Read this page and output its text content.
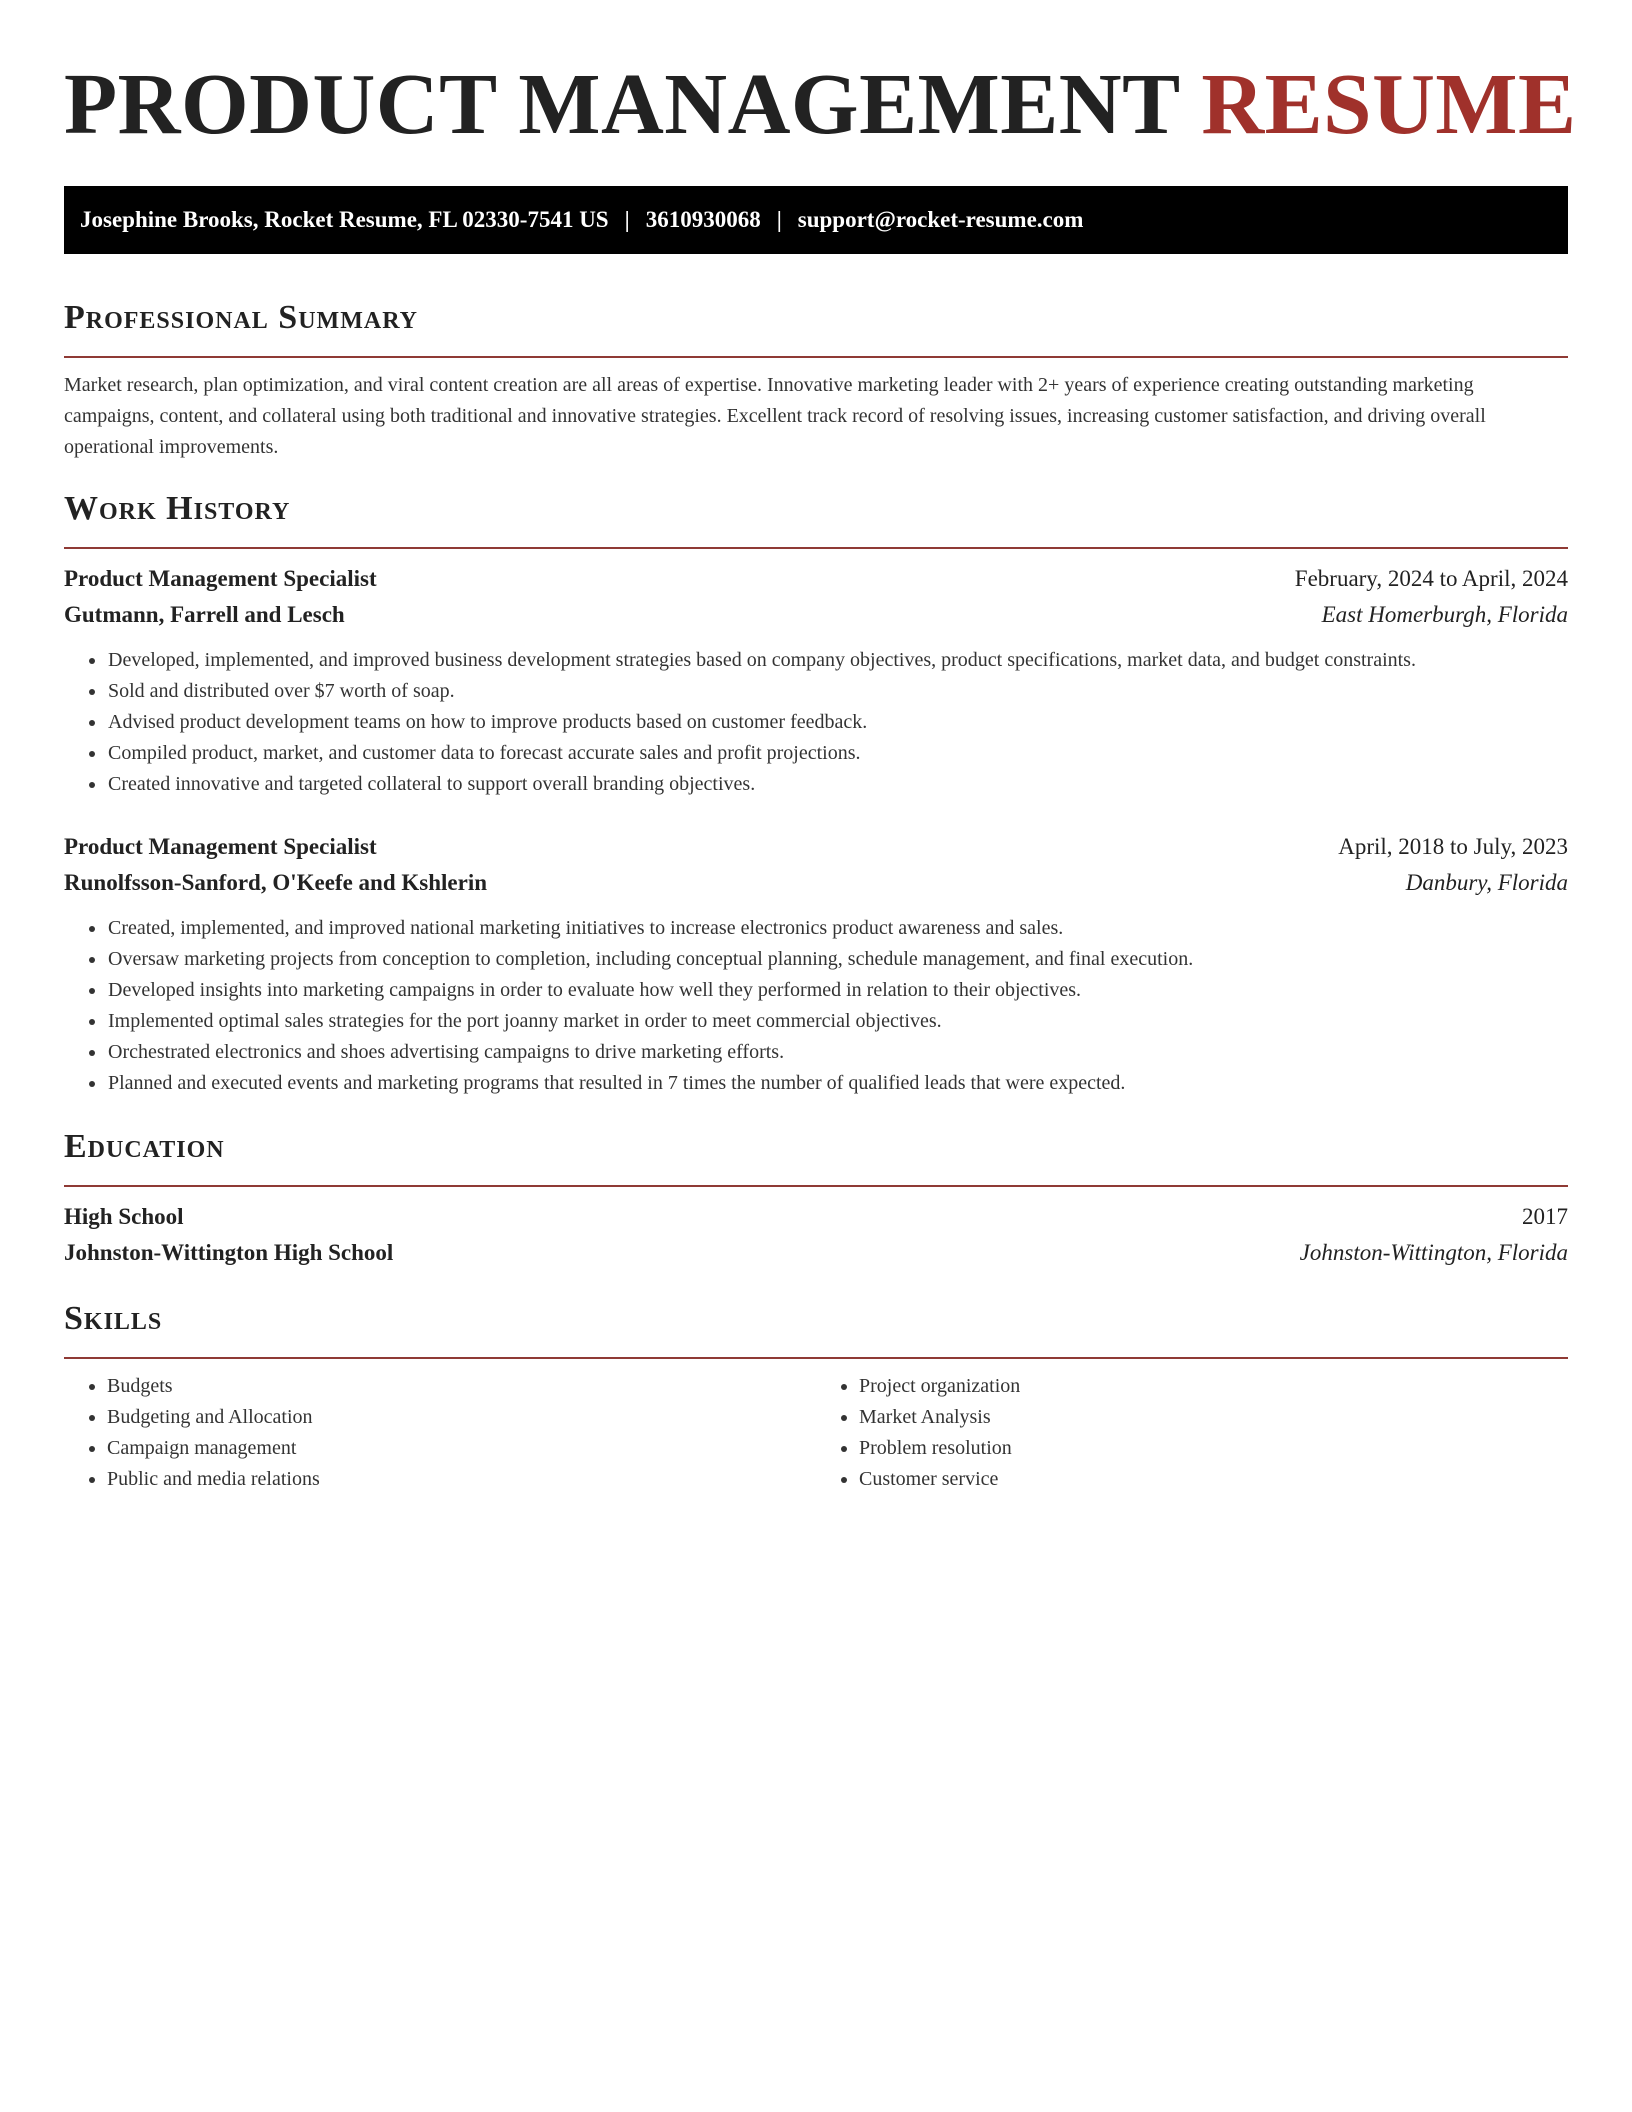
PRODUCT MANAGEMENT RESUME
Josephine Brooks, Rocket Resume, FL 02330-7541 US | 3610930068 | support@rocket-resume.com
Professional Summary

Market research, plan optimization, and viral content creation are all areas of expertise. Innovative marketing leader with 2+ years of experience creating outstanding marketing campaigns, content, and collateral using both traditional and innovative strategies. Excellent track record of resolving issues, increasing customer satisfaction, and driving overall operational improvements.

Work History
Product Management Specialist	February, 2024 to April, 2024
Gutmann, Farrell and Lesch	East Homerburgh, Florida
• Developed, implemented, and improved business development strategies based on company objectives, product specifications, market data, and budget constraints.
• Sold and distributed over $7 worth of soap.
• Advised product development teams on how to improve products based on customer feedback.
• Compiled product, market, and customer data to forecast accurate sales and profit projections.
• Created innovative and targeted collateral to support overall branding objectives.
Product Management Specialist	April, 2018 to July, 2023
Runolfsson-Sanford, O'Keefe and Kshlerin	Danbury, Florida
• Created, implemented, and improved national marketing initiatives to increase electronics product awareness and sales.
• Oversaw marketing projects from conception to completion, including conceptual planning, schedule management, and final execution.
• Developed insights into marketing campaigns in order to evaluate how well they performed in relation to their objectives.
• Implemented optimal sales strategies for the port joanny market in order to meet commercial objectives.
• Orchestrated electronics and shoes advertising campaigns to drive marketing efforts.
• Planned and executed events and marketing programs that resulted in 7 times the number of qualified leads that were expected.
Education
High School	2017
Johnston-Wittington High School	Johnston-Wittington, Florida
Skills
• Budgets
• Budgeting and Allocation
• Campaign management
• Public and media relations
• Project organization
• Market Analysis
• Problem resolution
• Customer service
